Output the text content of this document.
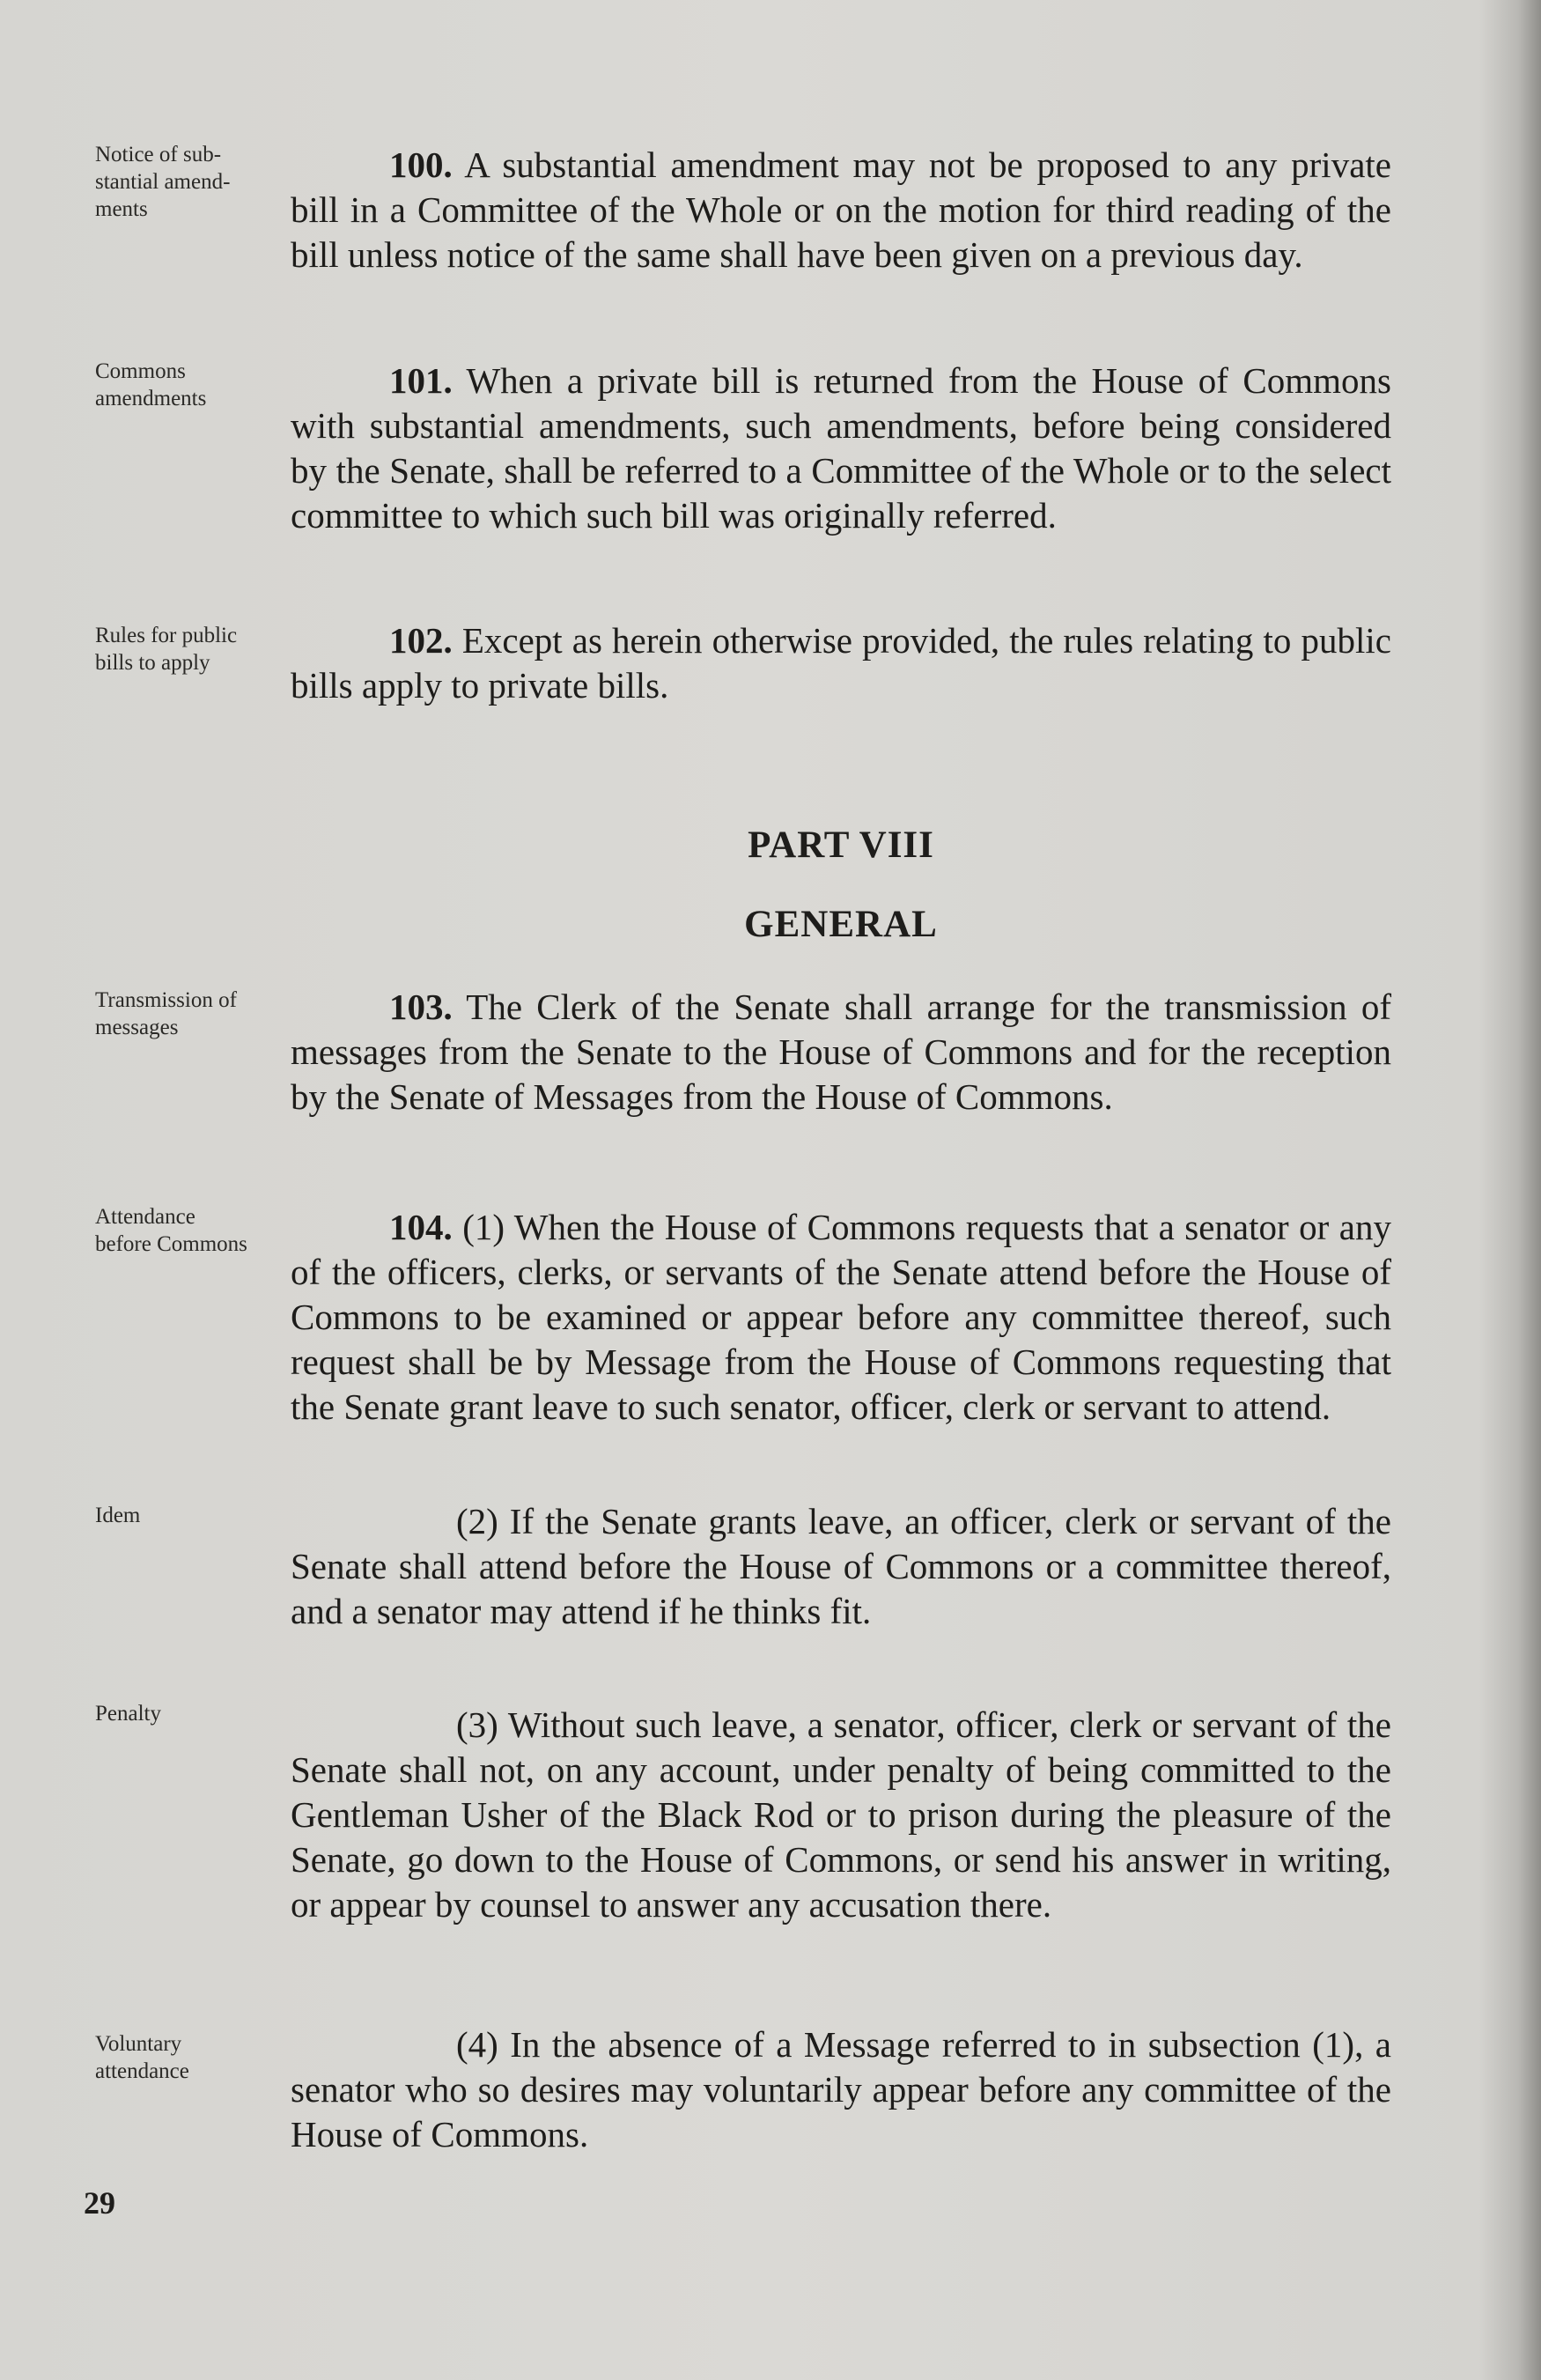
Notice of sub-
stantial amend-
ments
Commons
amendments
Rules for public
bills to apply
Transmission of
messages
Attendance
before Commons
Idem
Penalty
Voluntary
attendance
100. A substantial amendment may not be proposed to any private bill in a Committee of the Whole or on the motion for third reading of the bill unless notice of the same shall have been given on a previous day.
101. When a private bill is returned from the House of Commons with substantial amendments, such amendments, before being considered by the Senate, shall be referred to a Committee of the Whole or to the select committee to which such bill was originally referred.
102. Except as herein otherwise provided, the rules relating to public bills apply to private bills.
PART VIII
GENERAL
103. The Clerk of the Senate shall arrange for the transmission of messages from the Senate to the House of Commons and for the reception by the Senate of Messages from the House of Commons.
104. (1) When the House of Commons requests that a senator or any of the officers, clerks, or servants of the Senate attend before the House of Commons to be examined or appear before any committee thereof, such request shall be by Message from the House of Commons requesting that the Senate grant leave to such senator, officer, clerk or servant to attend.
(2) If the Senate grants leave, an officer, clerk or servant of the Senate shall attend before the House of Commons or a committee thereof, and a senator may attend if he thinks fit.
(3) Without such leave, a senator, officer, clerk or servant of the Senate shall not, on any account, under penalty of being committed to the Gentleman Usher of the Black Rod or to prison during the pleasure of the Senate, go down to the House of Commons, or send his answer in writing, or appear by counsel to answer any accusation there.
(4) In the absence of a Message referred to in subsection (1), a senator who so desires may voluntarily appear before any committee of the House of Commons.
29
